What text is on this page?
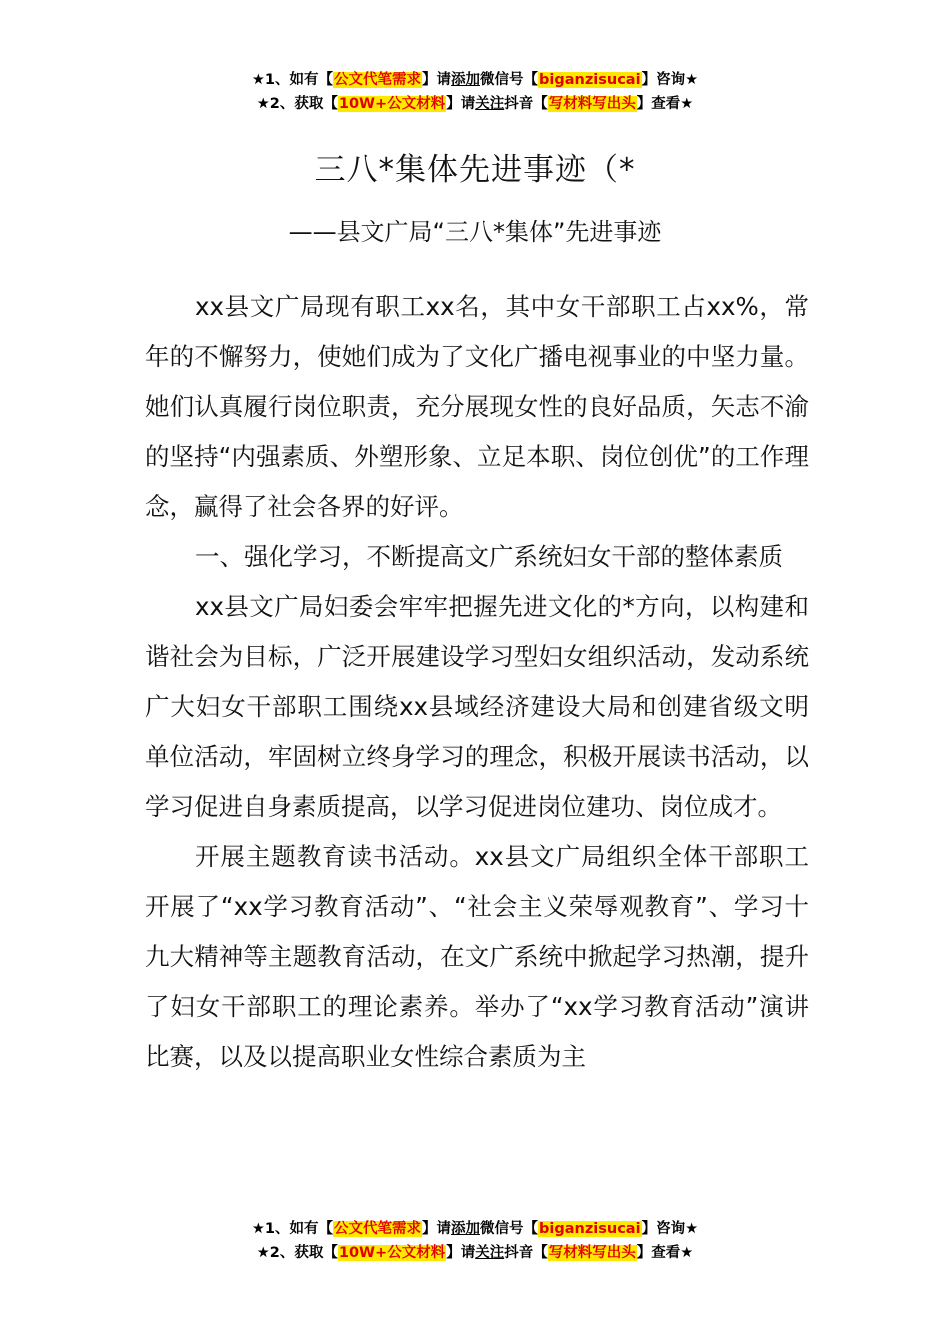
★1、如有【公文代笔需求】请添加微信号【biganzisucai】咨询★
★2、获取【10W+公文材料】请关注抖音【写材料写出头】查看★
三八*集体先进事迹（*
——县文广局“三八*集体”先进事迹

xx县文广局现有职工xx名，其中女干部职工占xx%，常年的不懈努力，使她们成为了文化广播电视事业的中坚力量。她们认真履行岗位职责，充分展现女性的良好品质，矢志不渝的坚持“内强素质、外塑形象、立足本职、岗位创优”的工作理念，赢得了社会各界的好评。

一、强化学习，不断提高文广系统妇女干部的整体素质

xx县文广局妇委会牢牢把握先进文化的*方向，以构建和谐社会为目标，广泛开展建设学习型妇女组织活动，发动系统广大妇女干部职工围绕xx县域经济建设大局和创建省级文明单位活动，牢固树立终身学习的理念，积极开展读书活动，以学习促进自身素质提高，以学习促进岗位建功、岗位成才。

开展主题教育读书活动。xx县文广局组织全体干部职工开展了“xx学习教育活动”、“社会主义荣辱观教育”、学习十九大精神等主题教育活动，在文广系统中掀起学习热潮，提升了妇女干部职工的理论素养。举办了“xx学习教育活动”演讲比赛，以及以提高职业女性综合素质为主

★1、如有【公文代笔需求】请添加微信号【biganzisucai】咨询★
★2、获取【10W+公文材料】请关注抖音【写材料写出头】查看★
